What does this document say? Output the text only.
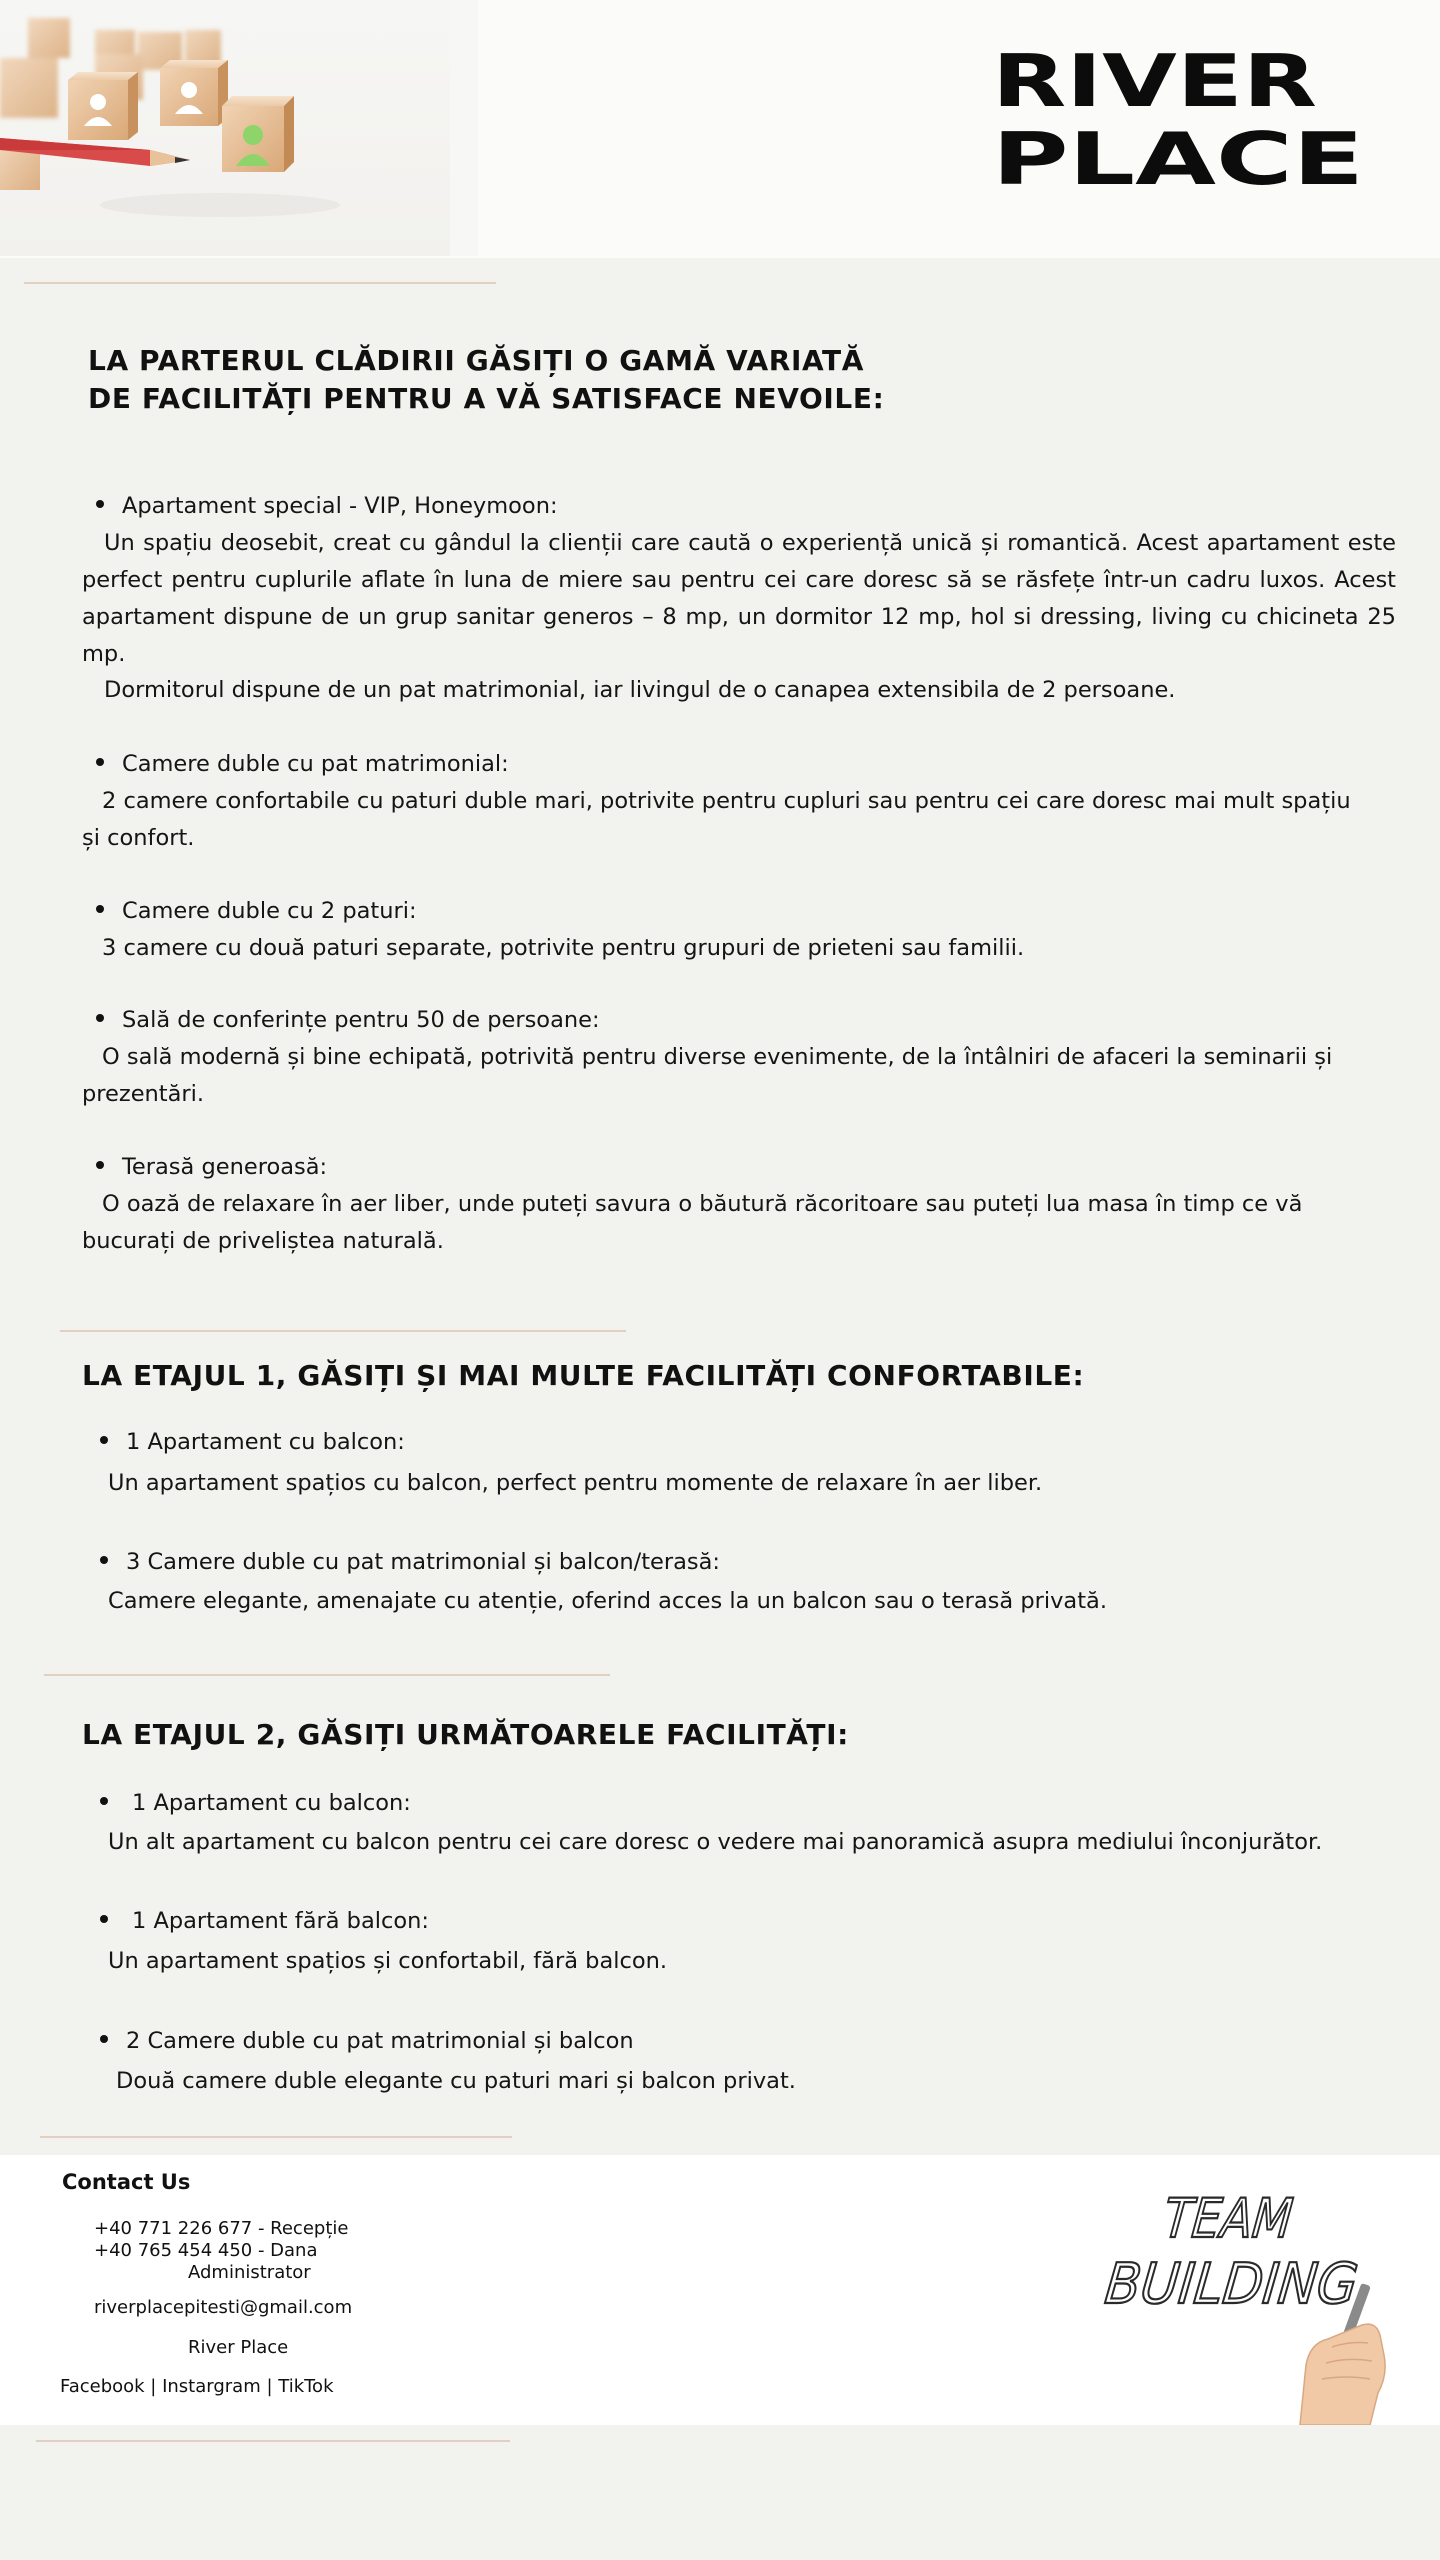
RIVER
PLACE
LA PARTERUL CLĂDIRII GĂSIȚI O GAMĂ VARIATĂ
DE FACILITĂȚI PENTRU A VĂ SATISFACE NEVOILE:
Apartament special - VIP, Honeymoon:
Un spațiu deosebit, creat cu gândul la clienții care caută o experiență unică și romantică. Acest apartament este perfect pentru cuplurile aflate în luna de miere sau pentru cei care doresc să se răsfețe într-un cadru luxos. Acest apartament dispune de un grup sanitar generos – 8 mp, un dormitor 12 mp, hol si dressing, living cu chicineta 25 mp.
Dormitorul dispune de un pat matrimonial, iar livingul de o canapea extensibila de 2 persoane.
Camere duble cu pat matrimonial:
2 camere confortabile cu paturi duble mari, potrivite pentru cupluri sau pentru cei care doresc mai mult spațiu și confort.
Camere duble cu 2 paturi:
3 camere cu două paturi separate, potrivite pentru grupuri de prieteni sau familii.
Sală de conferințe pentru 50 de persoane:
O sală modernă și bine echipată, potrivită pentru diverse evenimente, de la întâlniri de afaceri la seminarii și prezentări.
Terasă generoasă:
O oază de relaxare în aer liber, unde puteți savura o băutură răcoritoare sau puteți lua masa în timp ce vă bucurați de priveliștea naturală.
LA ETAJUL 1, GĂSIȚI ȘI MAI MULTE FACILITĂȚI CONFORTABILE:
1 Apartament cu balcon:
Un apartament spațios cu balcon, perfect pentru momente de relaxare în aer liber.
3 Camere duble cu pat matrimonial și balcon/terasă:
Camere elegante, amenajate cu atenție, oferind acces la un balcon sau o terasă privată.
LA ETAJUL 2, GĂSIȚI URMĂTOARELE FACILITĂȚI:
1 Apartament cu balcon:
Un alt apartament cu balcon pentru cei care doresc o vedere mai panoramică asupra mediului înconjurător.
1 Apartament fără balcon:
Un apartament spațios și confortabil, fără balcon.
2 Camere duble cu pat matrimonial și balcon
Două camere duble elegante cu paturi mari și balcon privat.
Contact Us
+40 771 226 677 - Recepție
+40 765 454 450 - Dana
Administrator
riverplacepitesti@gmail.com
River Place
Facebook | Instargram | TikTok
TEAM
BUILDING
